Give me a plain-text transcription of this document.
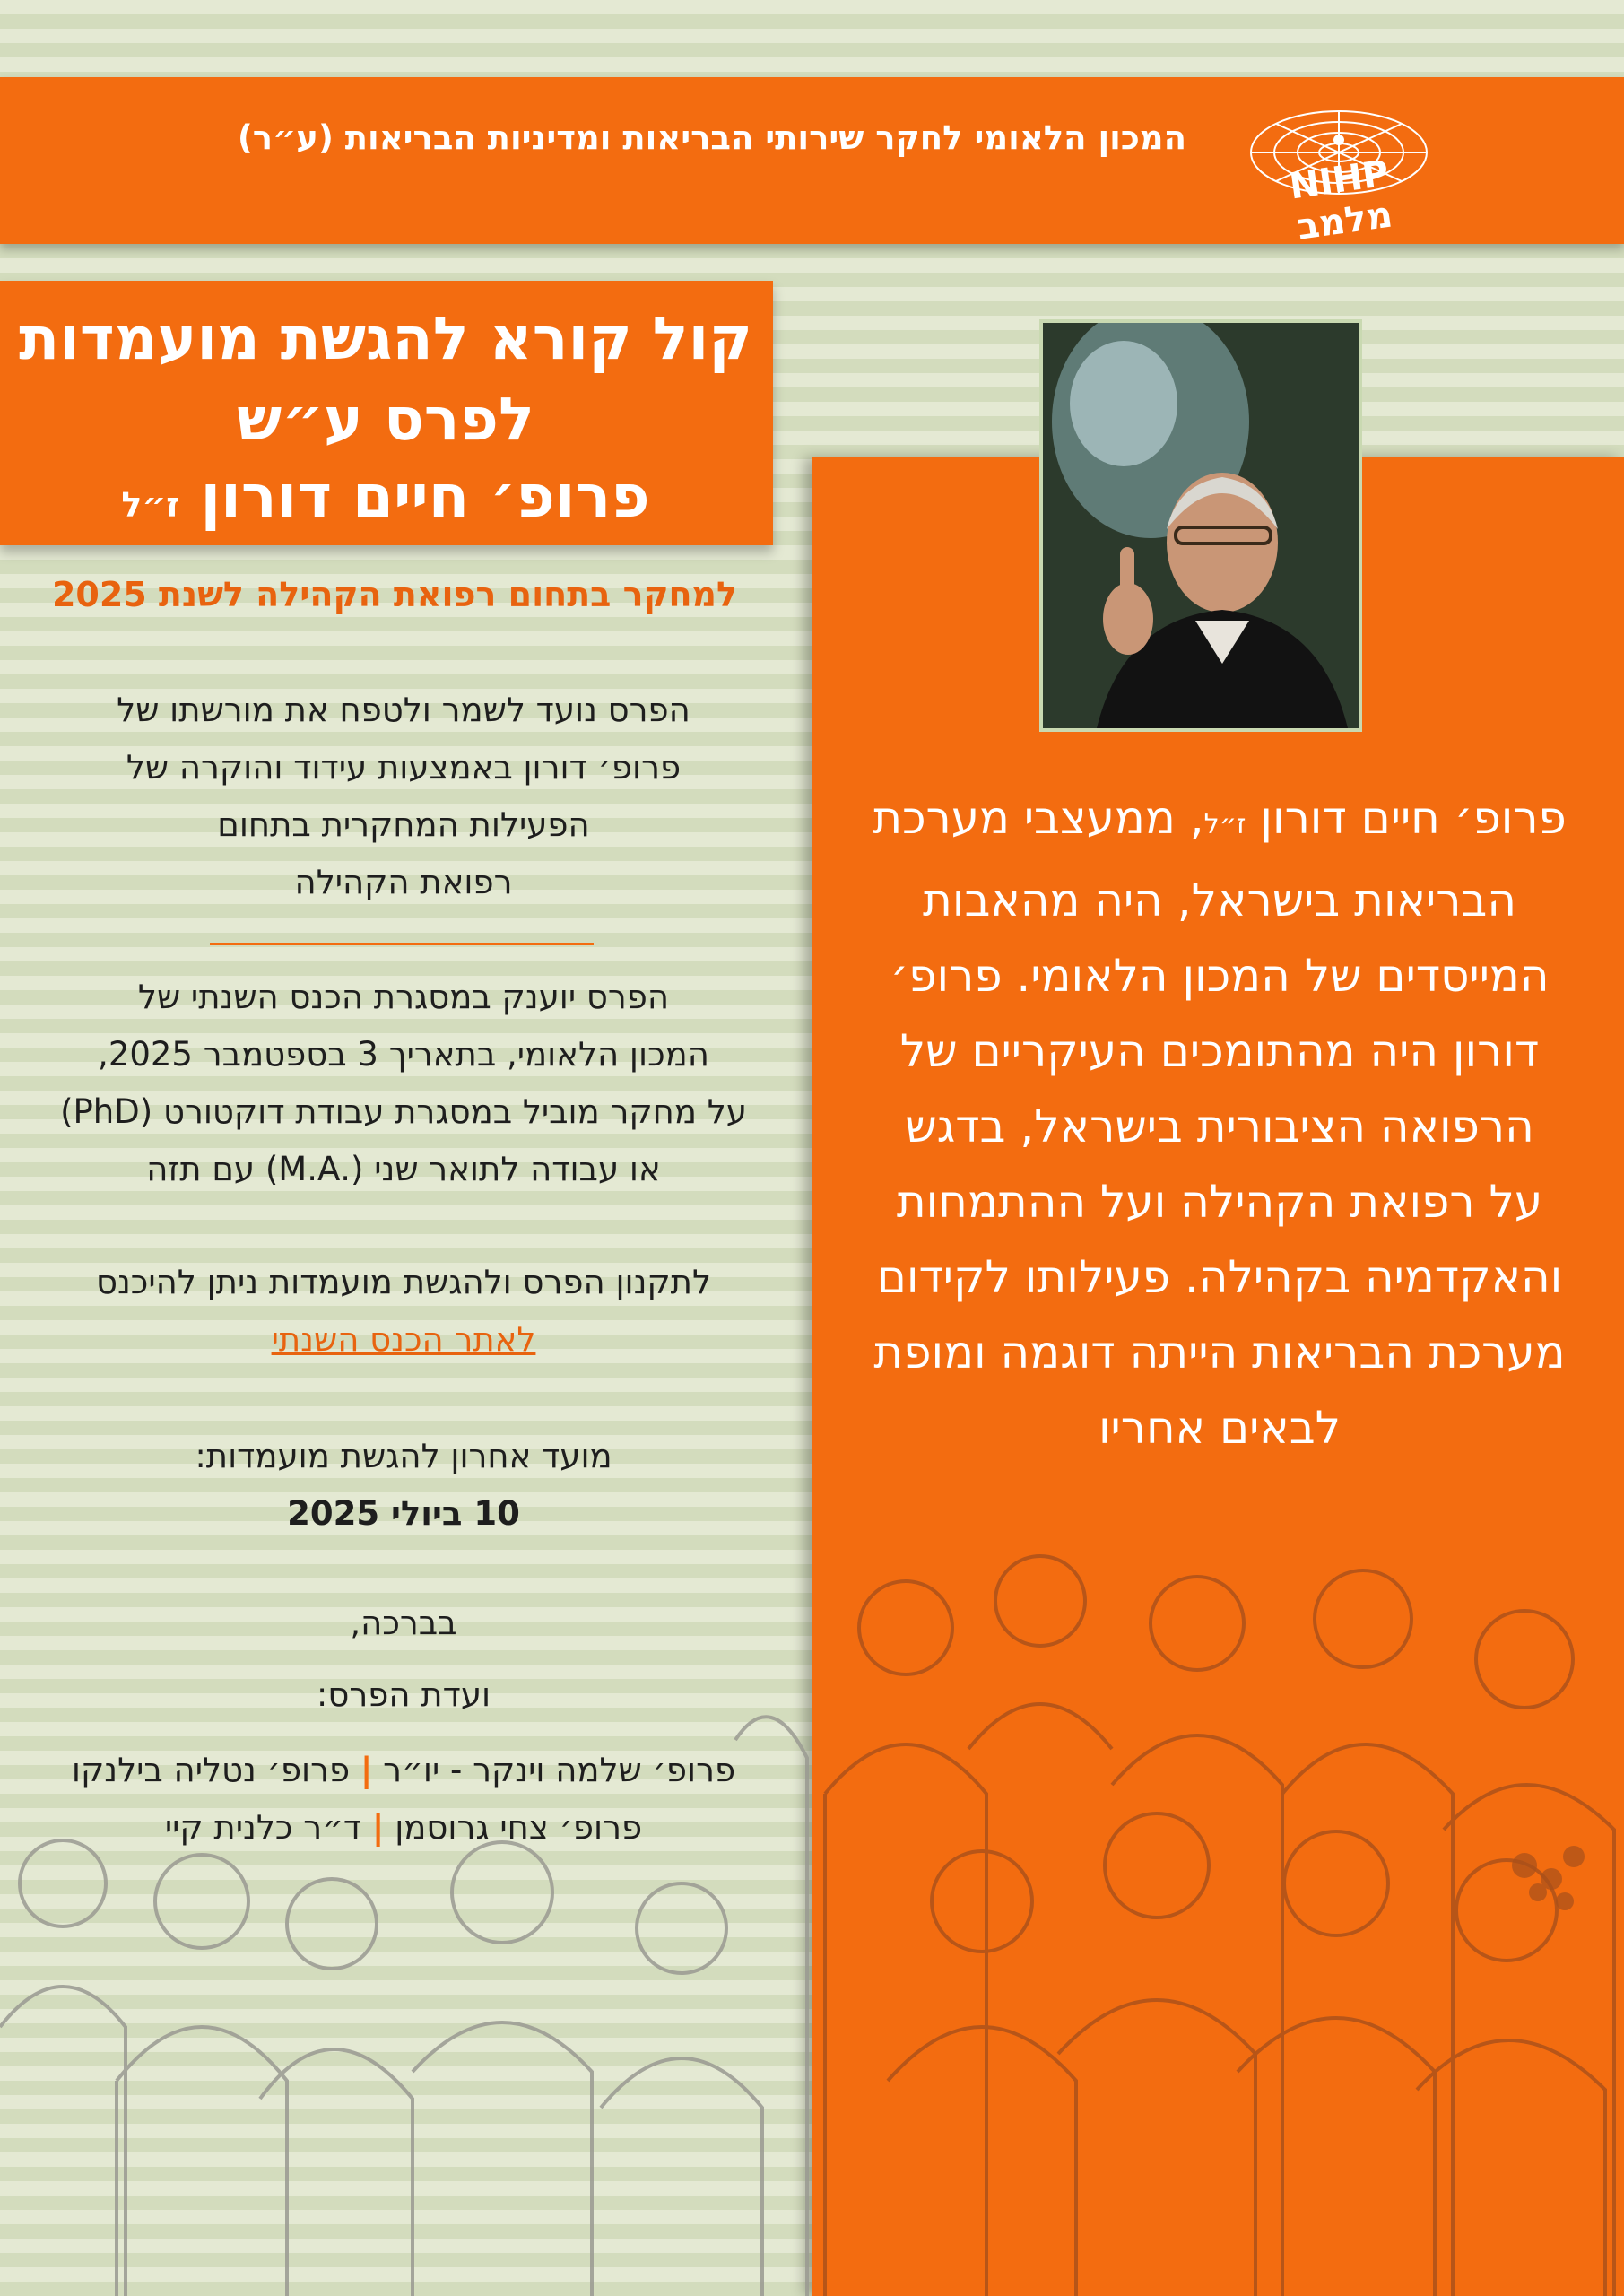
NIHP מלמב
המכון הלאומי לחקר שירותי הבריאות ומדיניות הבריאות (ע״ר)
פרופ׳ חיים דורון ז״ל, ממעצבי מערכת
הבריאות בישראל, היה מהאבות
המייסדים של המכון הלאומי. פרופ׳
דורון היה מהתומכים העיקריים של
הרפואה הציבורית בישראל, בדגש
על רפואת הקהילה ועל ההתמחות
והאקדמיה בקהילה. פעילותו לקידום
מערכת הבריאות הייתה דוגמה ומופת
לבאים אחריו
קול קורא להגשת מועמדות
לפרס ע״ש
פרופ׳ חיים דורון ז״ל
למחקר בתחום רפואת הקהילה לשנת 2025
הפרס נועד לשמר ולטפח את מורשתו של
פרופ׳ דורון באמצעות עידוד והוקרה של
הפעילות המחקרית בתחום
רפואת הקהילה
הפרס יוענק במסגרת הכנס השנתי של
המכון הלאומי, בתאריך 3 בספטמבר 2025,
על מחקר מוביל במסגרת עבודת דוקטורט (PhD)
או עבודה לתואר שני (.M.A) עם תזה
לתקנון הפרס ולהגשת מועמדות ניתן להיכנס
לאתר הכנס השנתי
מועד אחרון להגשת מועמדות:
10 ביולי 2025
בברכה,
ועדת הפרס:
פרופ׳ שלמה וינקר - יו״ר | פרופ׳ נטליה בילנקו
פרופ׳ צחי גרוסמן | ד״ר כלנית קיי
